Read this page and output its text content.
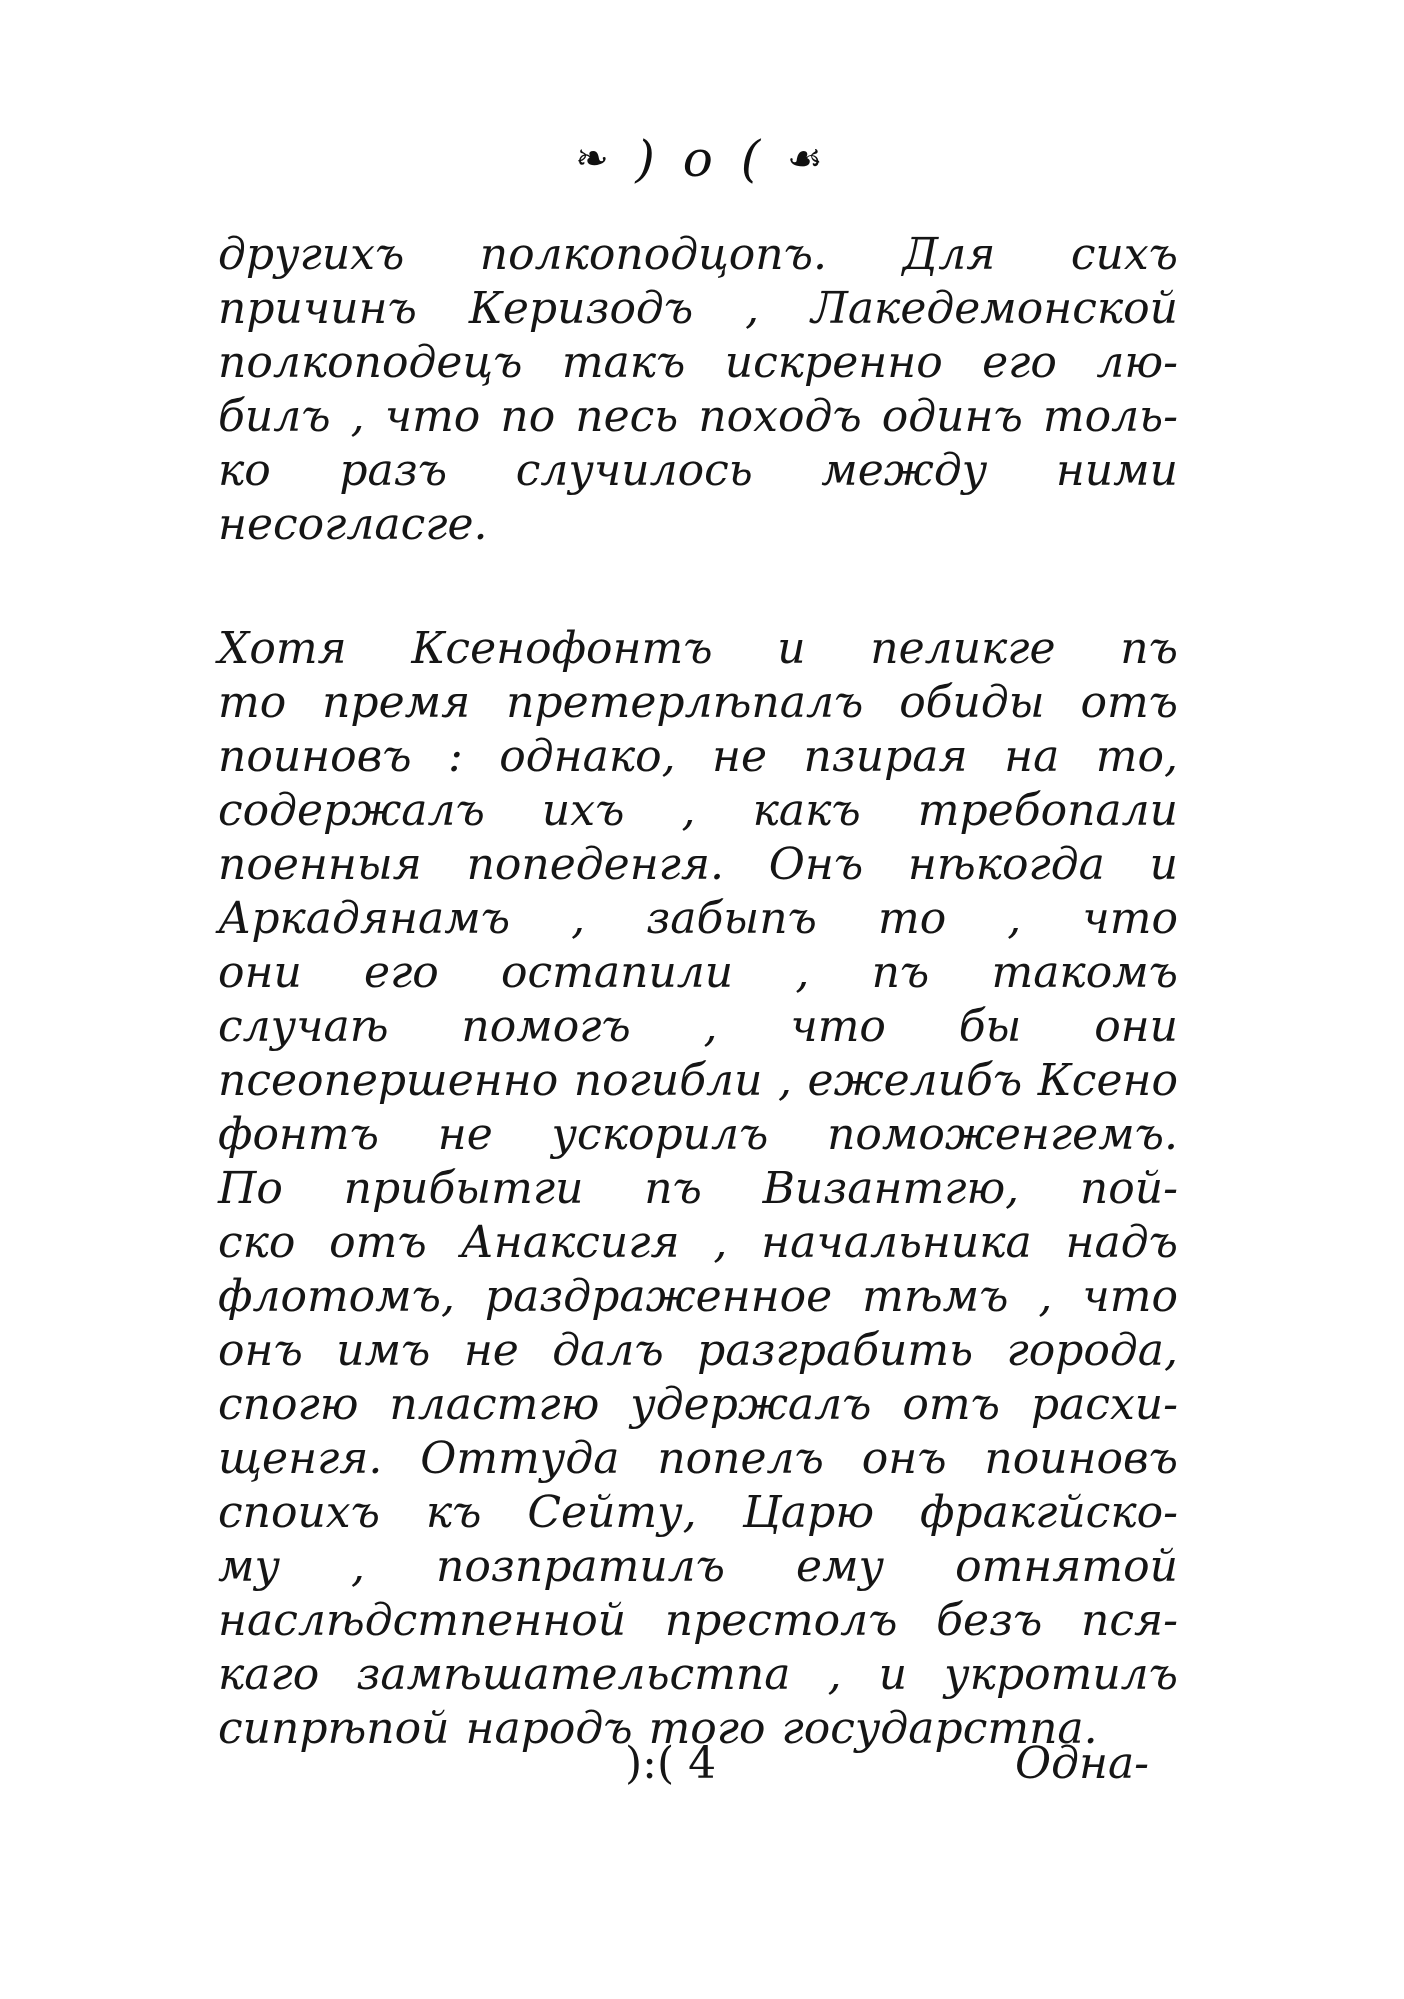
❧ ) o ( ☙
другихъ полкоподцопъ. Для сихъ
причинъ Керизодъ , Лакедемонской
полкоподецъ такъ искренно его лю-
билъ , что по песь походъ одинъ толь-
ко разъ случилось между ними
несогласге.
Хотя Ксенофонтъ и пеликге пъ
то премя претерлѣпалъ обиды отъ
поиновъ : однако, не пзирая на то,
содержалъ ихъ , какъ требопали
поенныя попеденгя. Онъ нѣкогда и
Аркадянамъ , забыпъ то , что
они его остапили , пъ такомъ
случаѣ помогъ , что бы они
псеопершенно погибли , ежелибъ Ксено
фонтъ не ускорилъ поможенгемъ.
По прибытги пъ Византгю, пой-
ско отъ Анаксигя , начальника надъ
флотомъ, раздраженное тѣмъ , что
онъ имъ не далъ разграбить города,
спогю пластгю удержалъ отъ расхи-
щенгя. Оттуда попелъ онъ поиновъ
споихъ къ Сейту, Царю фракгйско-
му , позпратилъ ему отнятой
наслѣдстпенной престолъ безъ пся-
каго замѣшательстпа , и укротилъ
сипрѣпой народъ того государстпа.
):( 4	Одна-
